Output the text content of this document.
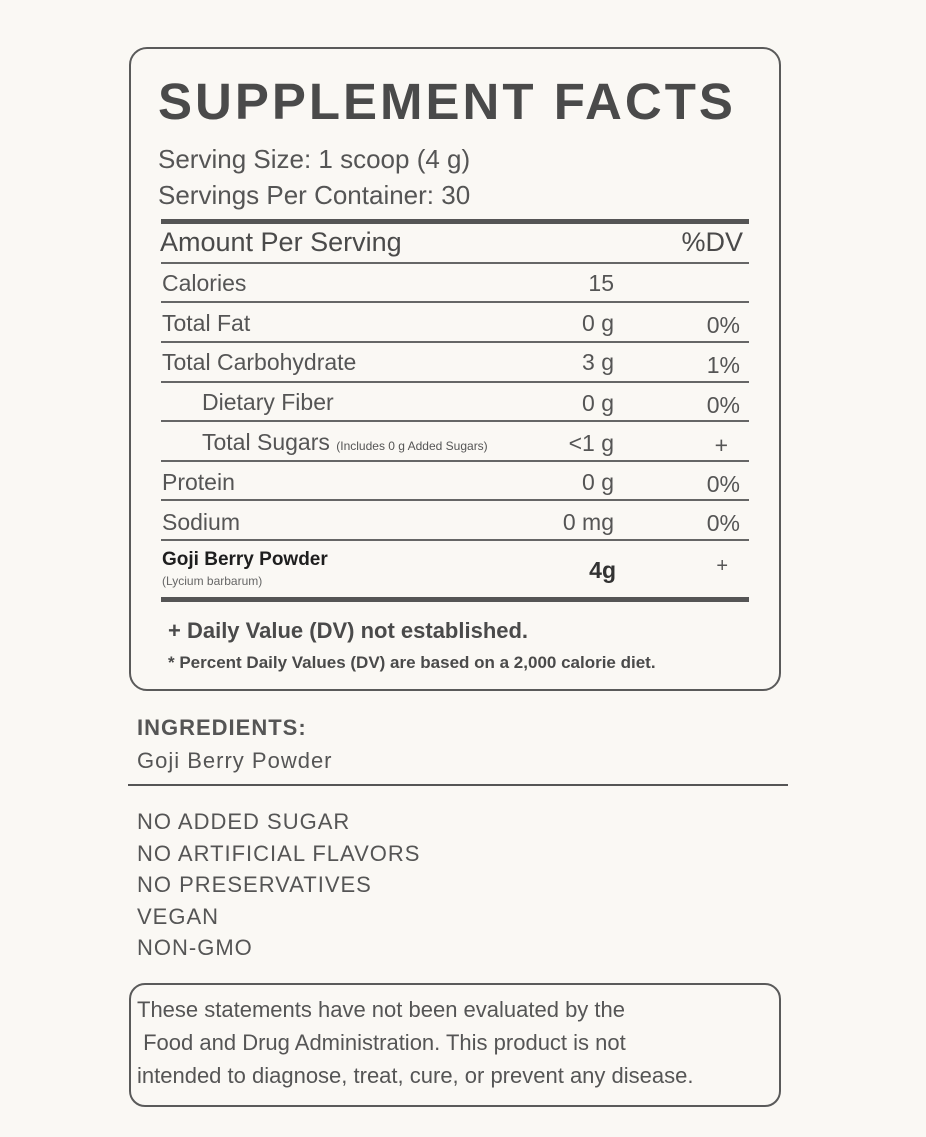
SUPPLEMENT FACTS
Serving Size: 1 scoop (4 g)
Servings Per Container: 30
Amount Per Serving	%DV
Calories	15
Total Fat	0 g	0%
Total Carbohydrate	3 g	1%
Dietary Fiber	0 g	0%
Total Sugars (Includes 0 g Added Sugars)	<1 g	+
Protein	0 g	0%
Sodium	0 mg	0%
Goji Berry Powder
(Lycium barbarum)	4g	+
+ Daily Value (DV) not established.
* Percent Daily Values (DV) are based on a 2,000 calorie diet.
INGREDIENTS:
Goji Berry Powder
NO ADDED SUGAR
NO ARTIFICIAL FLAVORS
NO PRESERVATIVES
VEGAN
NON-GMO
These statements have not been evaluated by the
Food and Drug Administration. This product is not
intended to diagnose, treat, cure, or prevent any disease.
